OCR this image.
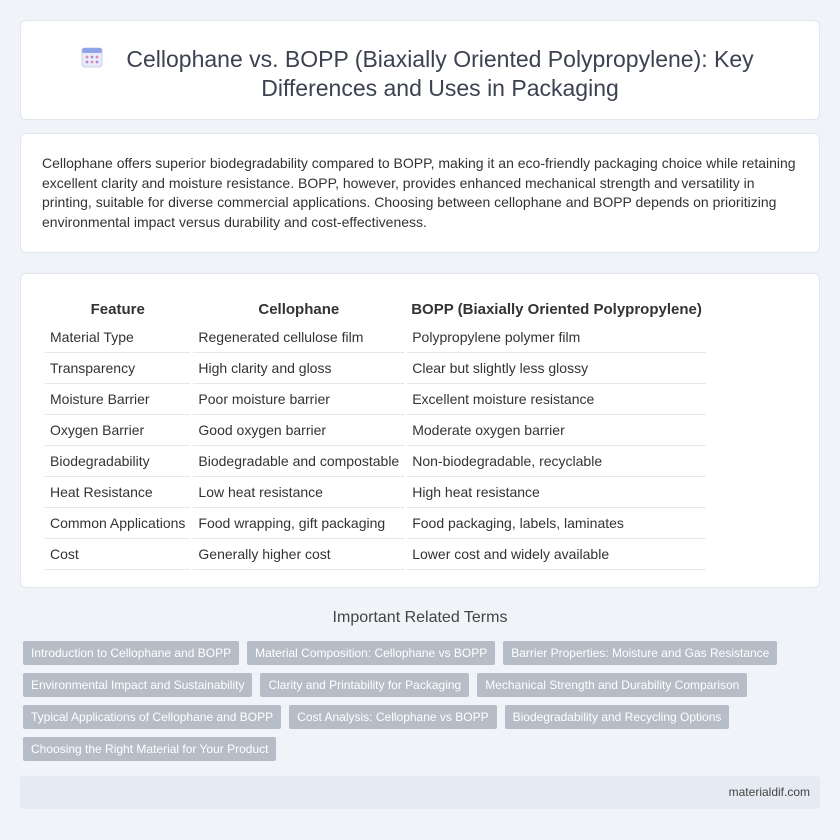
Cellophane vs. BOPP (Biaxially Oriented Polypropylene): Key Differences and Uses in Packaging

Cellophane offers superior biodegradability compared to BOPP, making it an eco-friendly packaging choice while retaining excellent clarity and moisture resistance. BOPP, however, provides enhanced mechanical strength and versatility in printing, suitable for diverse commercial applications. Choosing between cellophane and BOPP depends on prioritizing environmental impact versus durability and cost-effectiveness.

Feature	Cellophane	BOPP (Biaxially Oriented Polypropylene)
Material Type	Regenerated cellulose film	Polypropylene polymer film
Transparency	High clarity and gloss	Clear but slightly less glossy
Moisture Barrier	Poor moisture barrier	Excellent moisture resistance
Oxygen Barrier	Good oxygen barrier	Moderate oxygen barrier
Biodegradability	Biodegradable and compostable	Non-biodegradable, recyclable
Heat Resistance	Low heat resistance	High heat resistance
Common Applications	Food wrapping, gift packaging	Food packaging, labels, laminates
Cost	Generally higher cost	Lower cost and widely available
Important Related Terms
Introduction to Cellophane and BOPP	Material Composition: Cellophane vs BOPP	Barrier Properties: Moisture and Gas Resistance
Environmental Impact and Sustainability	Clarity and Printability for Packaging	Mechanical Strength and Durability Comparison
Typical Applications of Cellophane and BOPP	Cost Analysis: Cellophane vs BOPP	Biodegradability and Recycling Options
Choosing the Right Material for Your Product
materialdif.com
